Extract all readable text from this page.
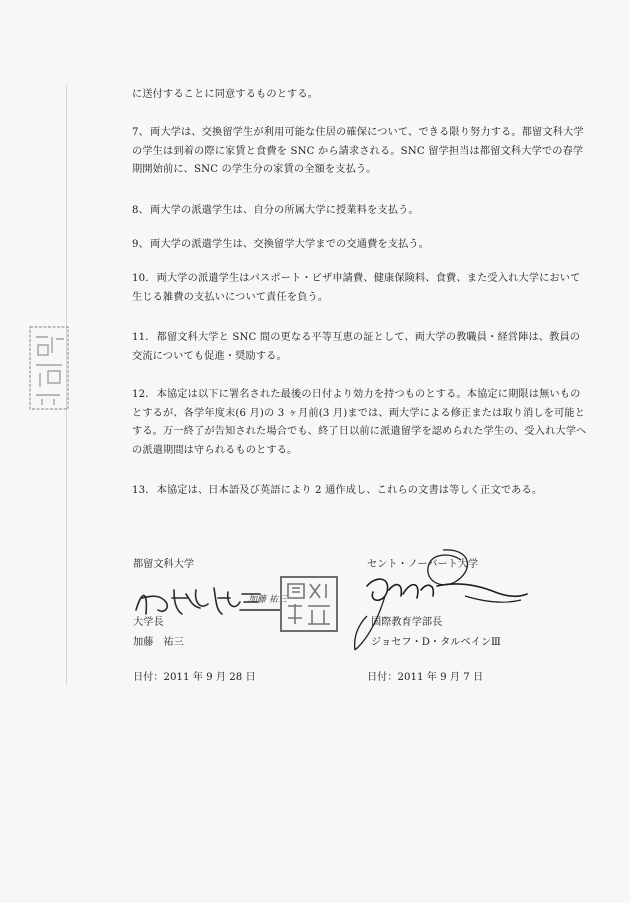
に送付することに同意するものとする。

7、両大学は、交換留学生が利用可能な住居の確保について、できる限り努力する。都留文科大学の学生は到着の際に家賃と食費を SNC から請求される。SNC 留学担当は都留文科大学での春学期開始前に、SNC の学生分の家賃の全額を支払う。

8、両大学の派遣学生は、自分の所属大学に授業料を支払う。

9、両大学の派遣学生は、交換留学大学までの交通費を支払う。

10．両大学の派遣学生はパスポート・ビザ申請費、健康保険料、食費、また受入れ大学において生じる雑費の支払いについて責任を負う。

11．都留文科大学と SNC 間の更なる平等互恵の証として、両大学の教職員・経営陣は、教員の交流についても促進・奨励する。

12．本協定は以下に署名された最後の日付より効力を持つものとする。本協定に期限は無いものとするが、各学年度末(6 月)の 3 ヶ月前(3 月)までは、両大学による修正または取り消しを可能とする。万一終了が告知された場合でも、終了日以前に派遣留学を認められた学生の、受入れ大学への派遣期間は守られるものとする。

13．本協定は、日本語及び英語により 2 通作成し、これらの文書は等しく正文である。

都留文科大学

加藤 祐三

大学長

加藤　祐三

日付：2011 年 9 月 28 日

セント・ノーバート大学

国際教育学部長

ジョセフ・D・タルベインⅢ

日付：2011 年 9 月 7 日
